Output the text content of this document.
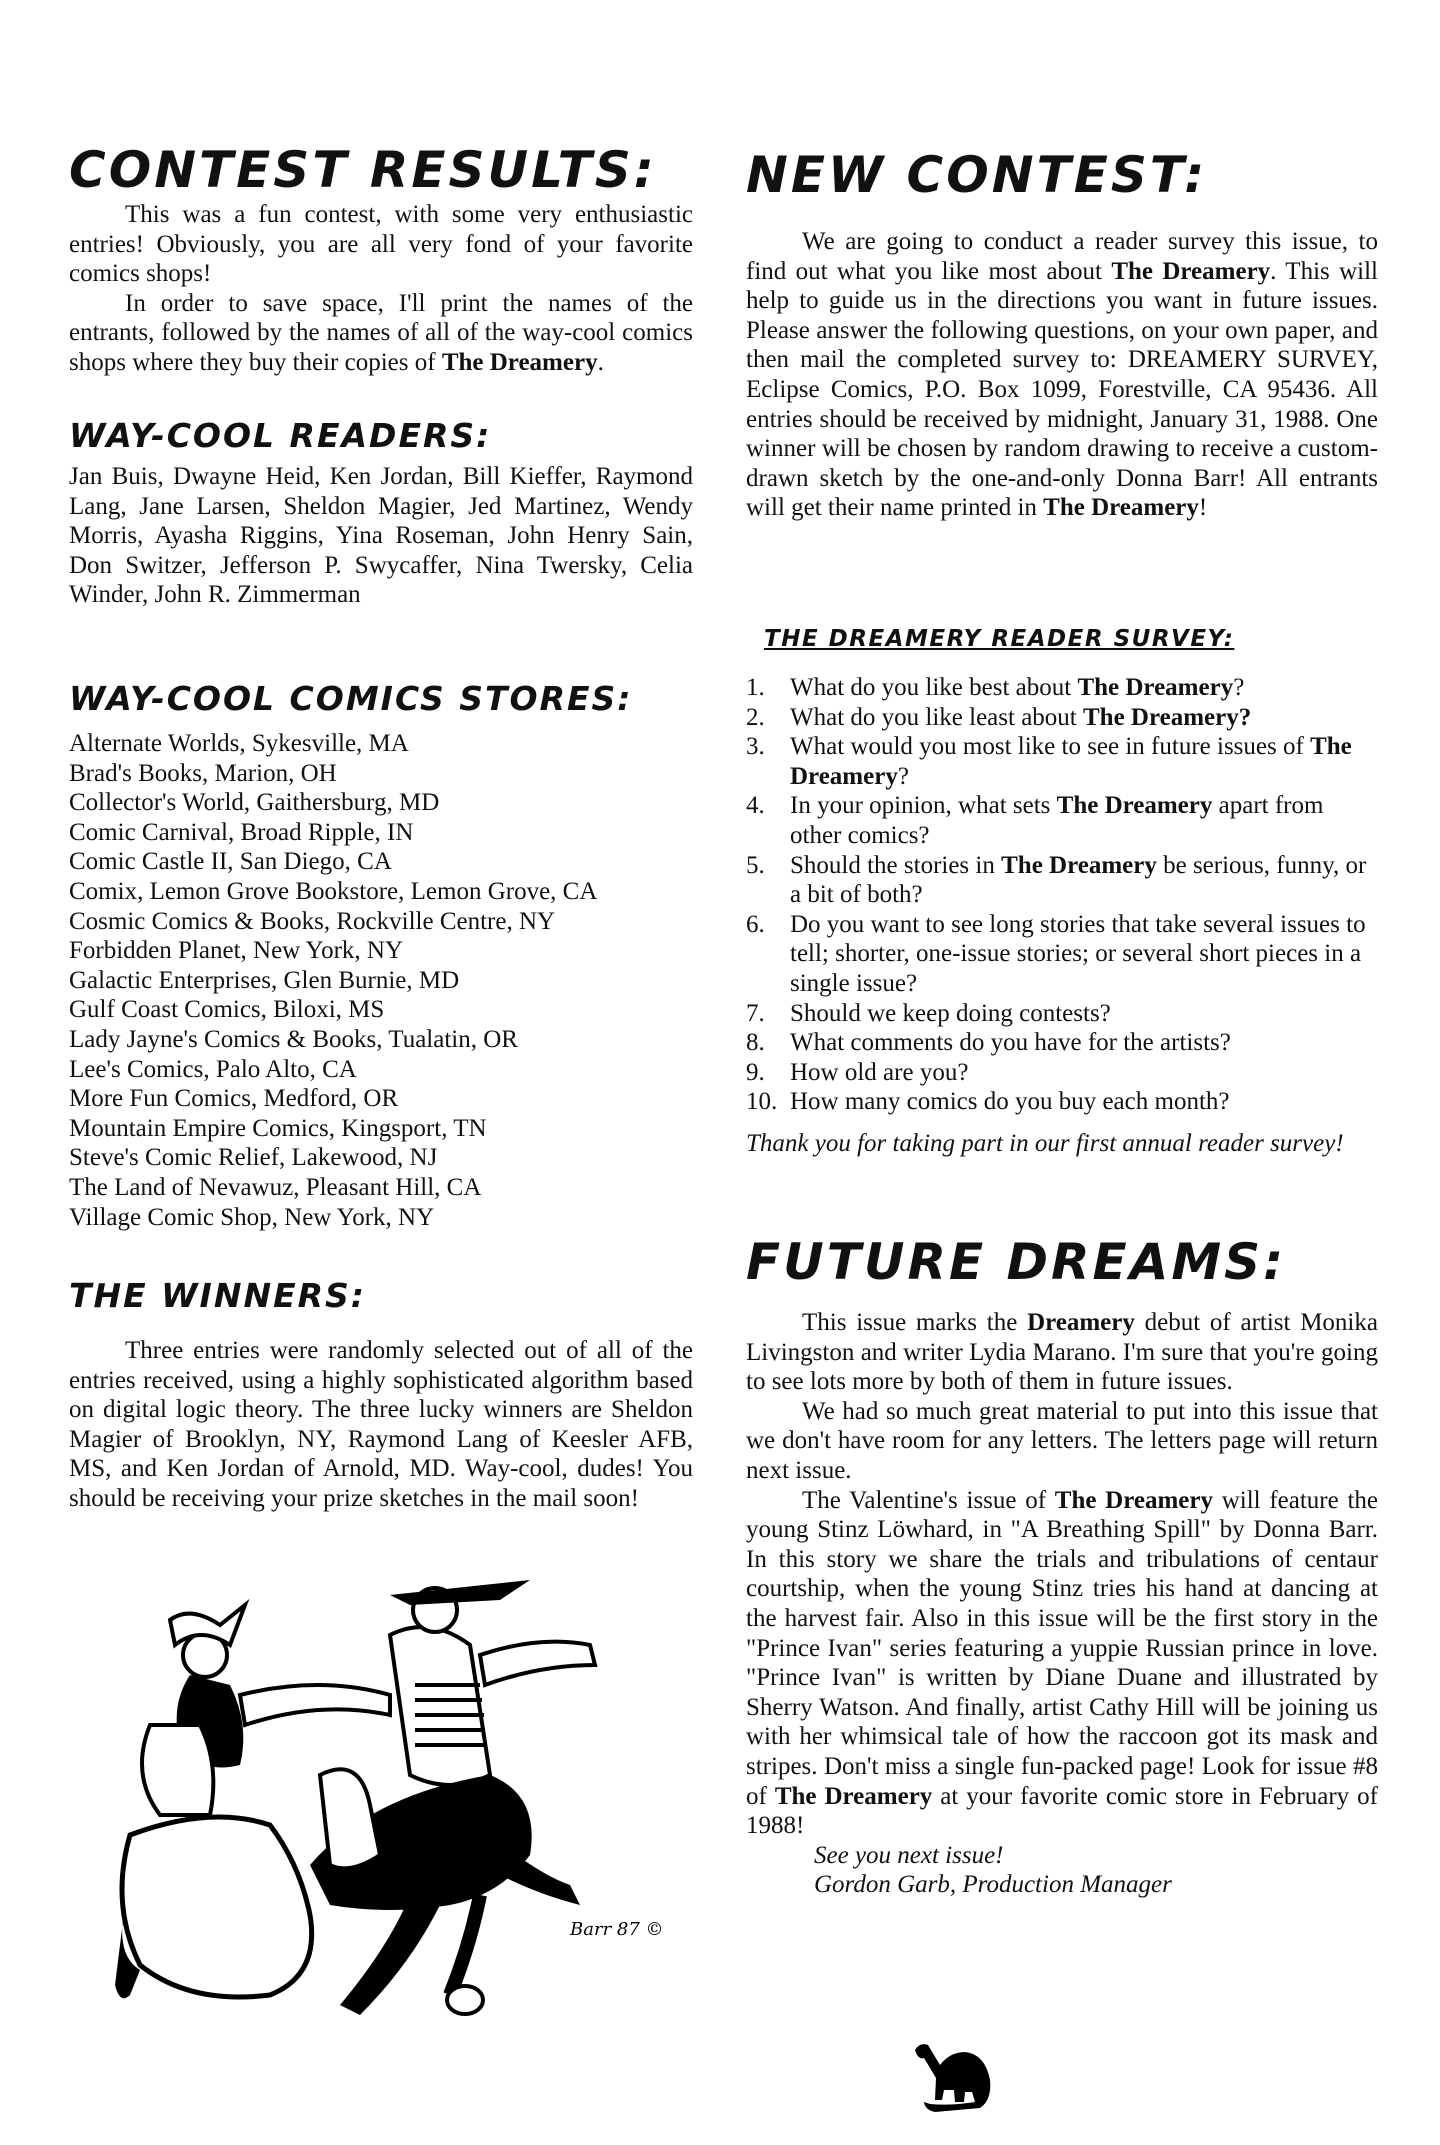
CONTEST RESULTS:

This was a fun contest, with some very enthusiastic entries! Obviously, you are all very fond of your favorite comics shops!

In order to save space, I'll print the names of the entrants, followed by the names of all of the way-cool comics shops where they buy their copies of The Dreamery.

WAY-COOL READERS:

Jan Buis, Dwayne Heid, Ken Jordan, Bill Kieffer, Raymond Lang, Jane Larsen, Sheldon Magier, Jed Martinez, Wendy Morris, Ayasha Riggins, Yina Roseman, John Henry Sain, Don Switzer, Jefferson P. Swycaffer, Nina Twersky, Celia Winder, John R. Zimmerman

WAY-COOL COMICS STORES:
Alternate Worlds, Sykesville, MA
Brad's Books, Marion, OH
Collector's World, Gaithersburg, MD
Comic Carnival, Broad Ripple, IN
Comic Castle II, San Diego, CA
Comix, Lemon Grove Bookstore, Lemon Grove, CA
Cosmic Comics & Books, Rockville Centre, NY
Forbidden Planet, New York, NY
Galactic Enterprises, Glen Burnie, MD
Gulf Coast Comics, Biloxi, MS
Lady Jayne's Comics & Books, Tualatin, OR
Lee's Comics, Palo Alto, CA
More Fun Comics, Medford, OR
Mountain Empire Comics, Kingsport, TN
Steve's Comic Relief, Lakewood, NJ
The Land of Nevawuz, Pleasant Hill, CA
Village Comic Shop, New York, NY
THE WINNERS:

Three entries were randomly selected out of all of the entries received, using a highly sophisticated algorithm based on digital logic theory. The three lucky winners are Sheldon Magier of Brooklyn, NY, Raymond Lang of Keesler AFB, MS, and Ken Jordan of Arnold, MD. Way-cool, dudes! You should be receiving your prize sketches in the mail soon!

Barr 87 ©
NEW CONTEST:

We are going to conduct a reader survey this issue, to find out what you like most about The Dreamery. This will help to guide us in the directions you want in future issues. Please answer the following questions, on your own paper, and then mail the completed survey to: DREAMERY SURVEY, Eclipse Comics, P.O. Box 1099, Forestville, CA 95436. All entries should be received by midnight, January 31, 1988. One winner will be chosen by random drawing to receive a custom-drawn sketch by the one-and-only Donna Barr! All entrants will get their name printed in The Dreamery!

THE DREAMERY READER SURVEY:
1.	What do you like best about The Dreamery?
2.	What do you like least about The Dreamery?
3.	What would you most like to see in future issues of The Dreamery?
4.	In your opinion, what sets The Dreamery apart from other comics?
5.	Should the stories in The Dreamery be serious, funny, or a bit of both?
6.	Do you want to see long stories that take several issues to tell; shorter, one-issue stories; or several short pieces in a single issue?
7.	Should we keep doing contests?
8.	What comments do you have for the artists?
9.	How old are you?
10. How many comics do you buy each month?

Thank you for taking part in our first annual reader survey!

FUTURE DREAMS:

This issue marks the Dreamery debut of artist Monika Livingston and writer Lydia Marano. I'm sure that you're going to see lots more by both of them in future issues.

We had so much great material to put into this issue that we don't have room for any letters. The letters page will return next issue.

The Valentine's issue of The Dreamery will feature the young Stinz Löwhard, in "A Breathing Spill" by Donna Barr. In this story we share the trials and tribulations of centaur courtship, when the young Stinz tries his hand at dancing at the harvest fair. Also in this issue will be the first story in the "Prince Ivan" series featuring a yuppie Russian prince in love. "Prince Ivan" is written by Diane Duane and illustrated by Sherry Watson. And finally, artist Cathy Hill will be joining us with her whimsical tale of how the raccoon got its mask and stripes. Don't miss a single fun-packed page! Look for issue #8 of The Dreamery at your favorite comic store in February of 1988!

See you next issue!
Gordon Garb, Production Manager
